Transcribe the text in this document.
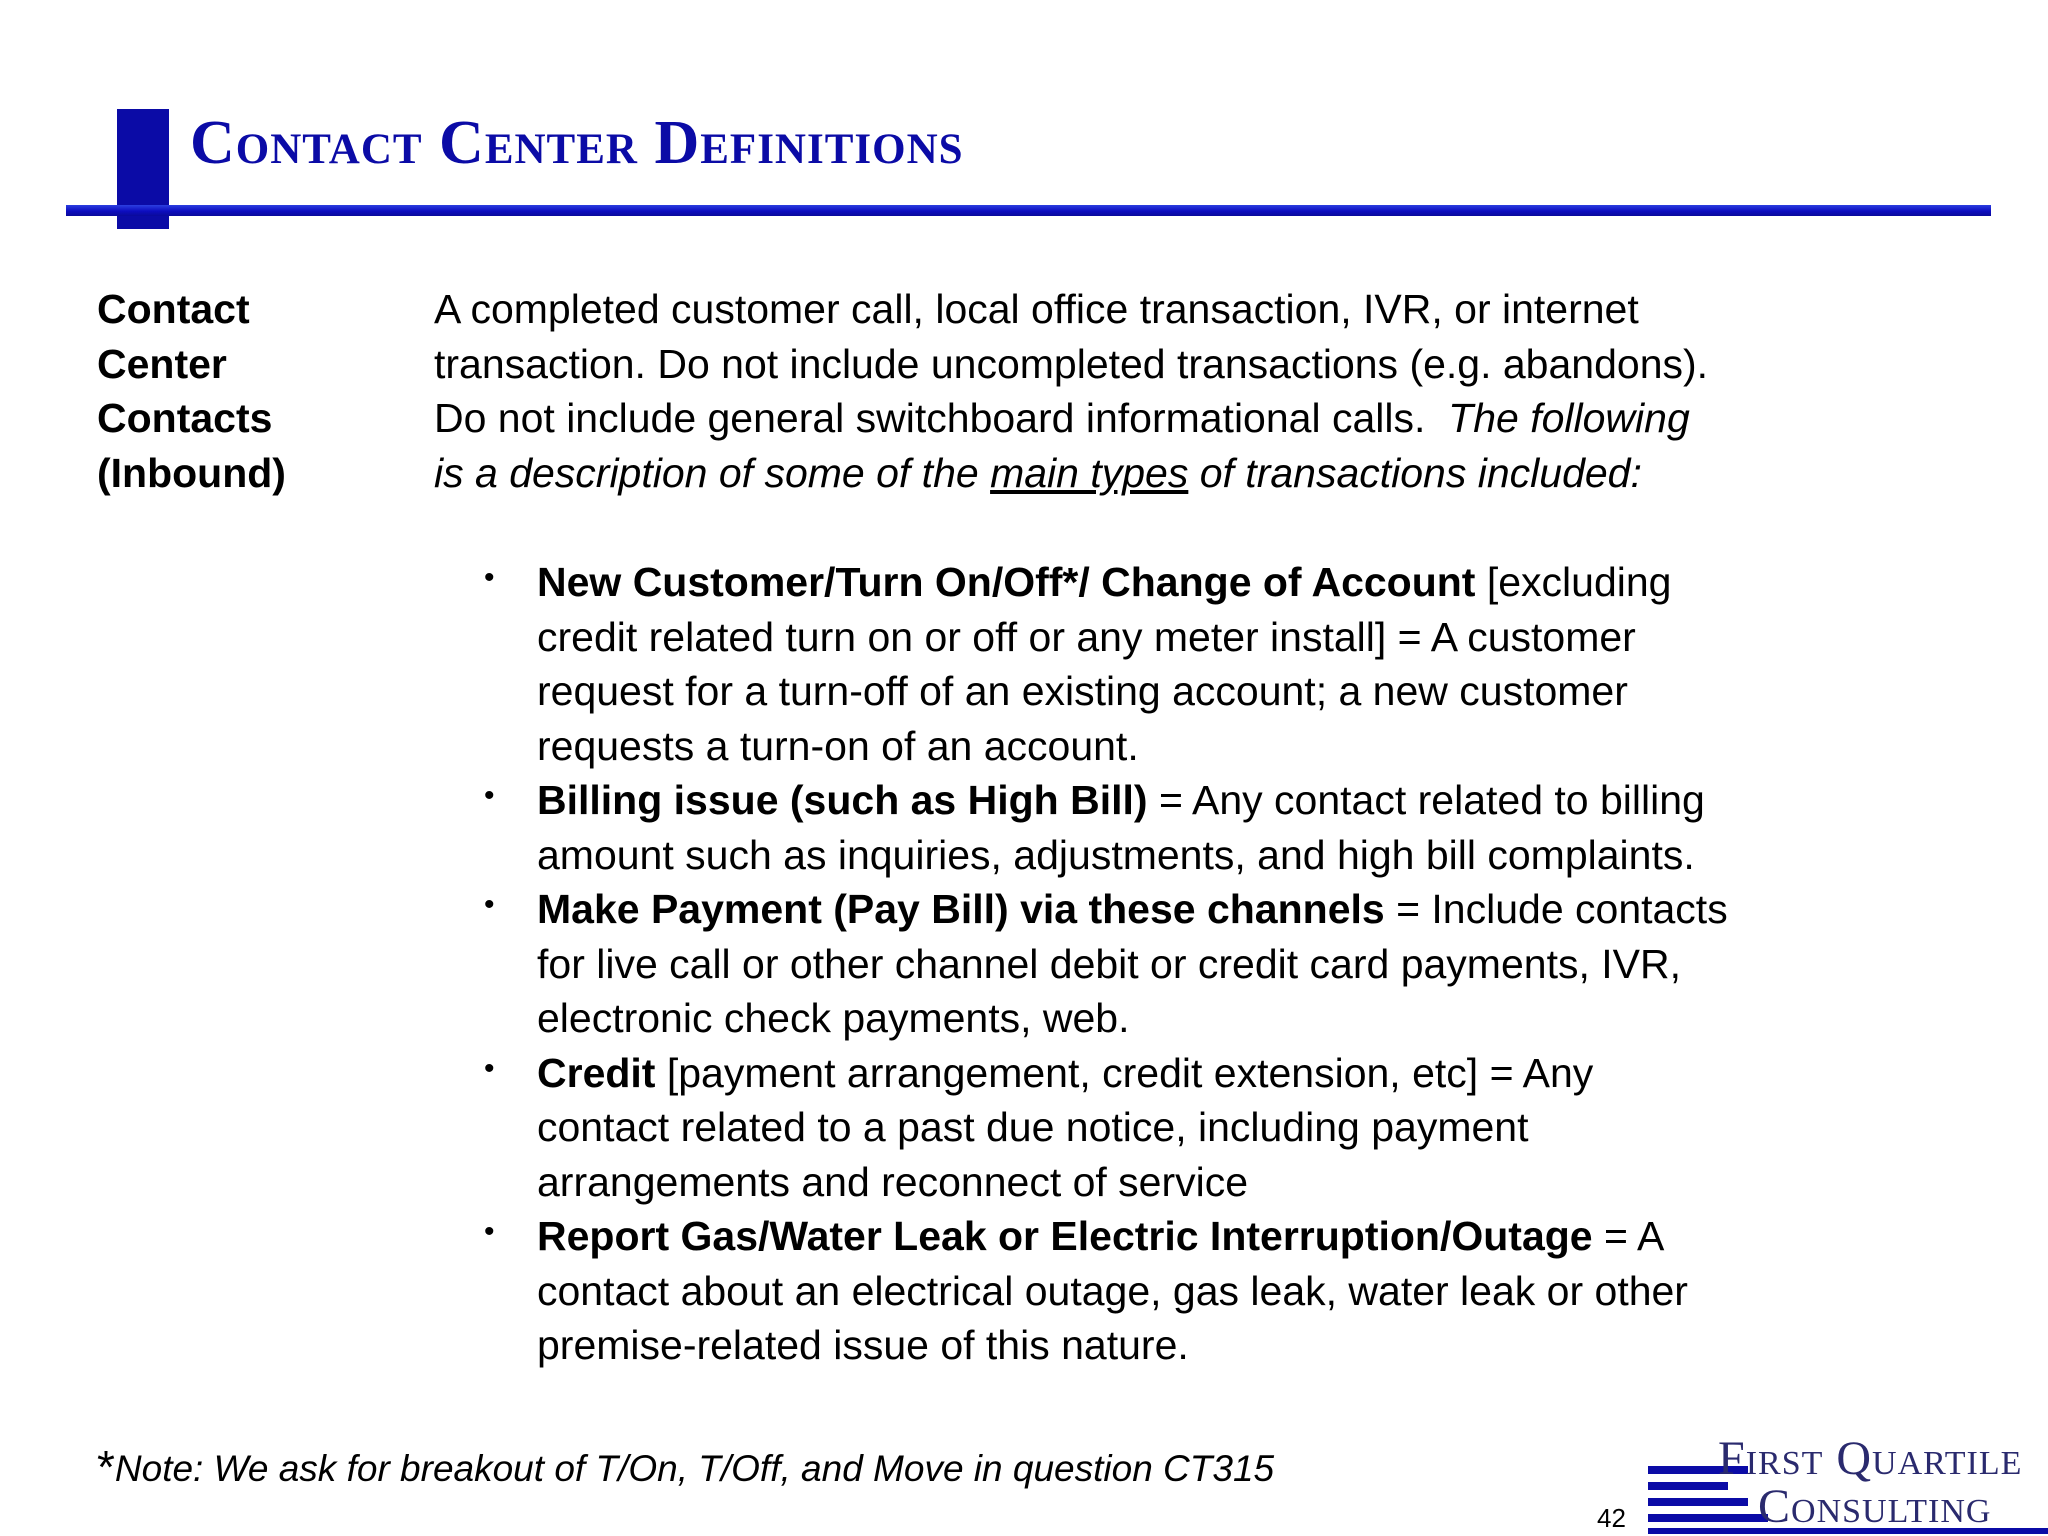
Contact Center Definitions
Contact
Center
Contacts
(Inbound)
A completed customer call, local office transaction, IVR, or internet
transaction. Do not include uncompleted transactions (e.g. abandons).
Do not include general switchboard informational calls. The following
is a description of some of the main types of transactions included:
• New Customer/Turn On/Off*/ Change of Account [excluding
credit related turn on or off or any meter install] = A customer
request for a turn-off of an existing account; a new customer
requests a turn-on of an account.
• Billing issue (such as High Bill) = Any contact related to billing
amount such as inquiries, adjustments, and high bill complaints.
• Make Payment (Pay Bill) via these channels = Include contacts
for live call or other channel debit or credit card payments, IVR,
electronic check payments, web.
• Credit [payment arrangement, credit extension, etc] = Any
contact related to a past due notice, including payment
arrangements and reconnect of service
• Report Gas/Water Leak or Electric Interruption/Outage = A
contact about an electrical outage, gas leak, water leak or other
premise-related issue of this nature.
*Note: We ask for breakout of T/On, T/Off, and Move in question CT315
42
First Quartile
Consulting
